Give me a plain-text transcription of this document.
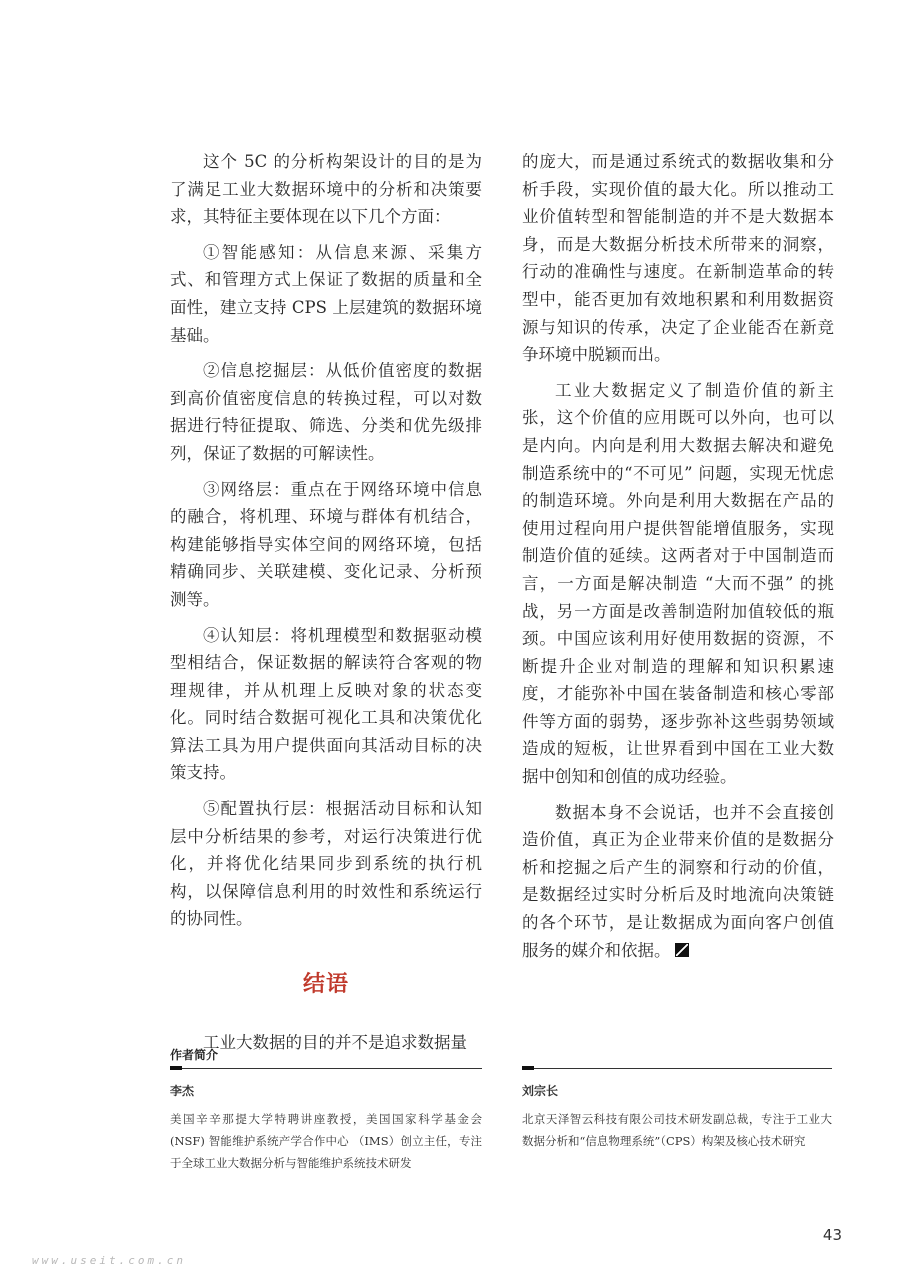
这个 5C 的分析构架设计的目的是为了满足工业大数据环境中的分析和决策要求，其特征主要体现在以下几个方面：

①智能感知：从信息来源、采集方式、和管理方式上保证了数据的质量和全面性，建立支持 CPS 上层建筑的数据环境基础。

②信息挖掘层：从低价值密度的数据到高价值密度信息的转换过程，可以对数据进行特征提取、筛选、分类和优先级排列，保证了数据的可解读性。

③网络层：重点在于网络环境中信息的融合，将机理、环境与群体有机结合，构建能够指导实体空间的网络环境，包括精确同步、关联建模、变化记录、分析预测等。

④认知层：将机理模型和数据驱动模型相结合，保证数据的解读符合客观的物理规律，并从机理上反映对象的状态变化。同时结合数据可视化工具和决策优化算法工具为用户提供面向其活动目标的决策支持。

⑤配置执行层：根据活动目标和认知层中分析结果的参考，对运行决策进行优化，并将优化结果同步到系统的执行机构，以保障信息利用的时效性和系统运行的协同性。

结语

工业大数据的目的并不是追求数据量

的庞大，而是通过系统式的数据收集和分析手段，实现价值的最大化。所以推动工业价值转型和智能制造的并不是大数据本身，而是大数据分析技术所带来的洞察，行动的准确性与速度。在新制造革命的转型中，能否更加有效地积累和利用数据资源与知识的传承，决定了企业能否在新竞争环境中脱颖而出。

工业大数据定义了制造价值的新主张，这个价值的应用既可以外向，也可以是内向。内向是利用大数据去解决和避免制造系统中的“不可见” 问题，实现无忧虑的制造环境。外向是利用大数据在产品的使用过程向用户提供智能增值服务，实现制造价值的延续。这两者对于中国制造而言，一方面是解决制造 “大而不强” 的挑战，另一方面是改善制造附加值较低的瓶颈。中国应该利用好使用数据的资源，不断提升企业对制造的理解和知识积累速度，才能弥补中国在装备制造和核心零部件等方面的弱势，逐步弥补这些弱势领域造成的短板，让世界看到中国在工业大数据中创知和创值的成功经验。

数据本身不会说话，也并不会直接创造价值，真正为企业带来价值的是数据分析和挖掘之后产生的洞察和行动的价值，是数据经过实时分析后及时地流向决策链的各个环节，是让数据成为面向客户创值服务的媒介和依据。

作者简介
李杰
美国辛辛那提大学特聘讲座教授，美国国家科学基金会 (NSF) 智能维护系统产学合作中心 （IMS）创立主任，专注于全球工业大数据分析与智能维护系统技术研发
刘宗长
北京天泽智云科技有限公司技术研发副总裁，专注于工业大数据分析和“信息物理系统”（CPS）构架及核心技术研究
43
www.useit.com.cn
